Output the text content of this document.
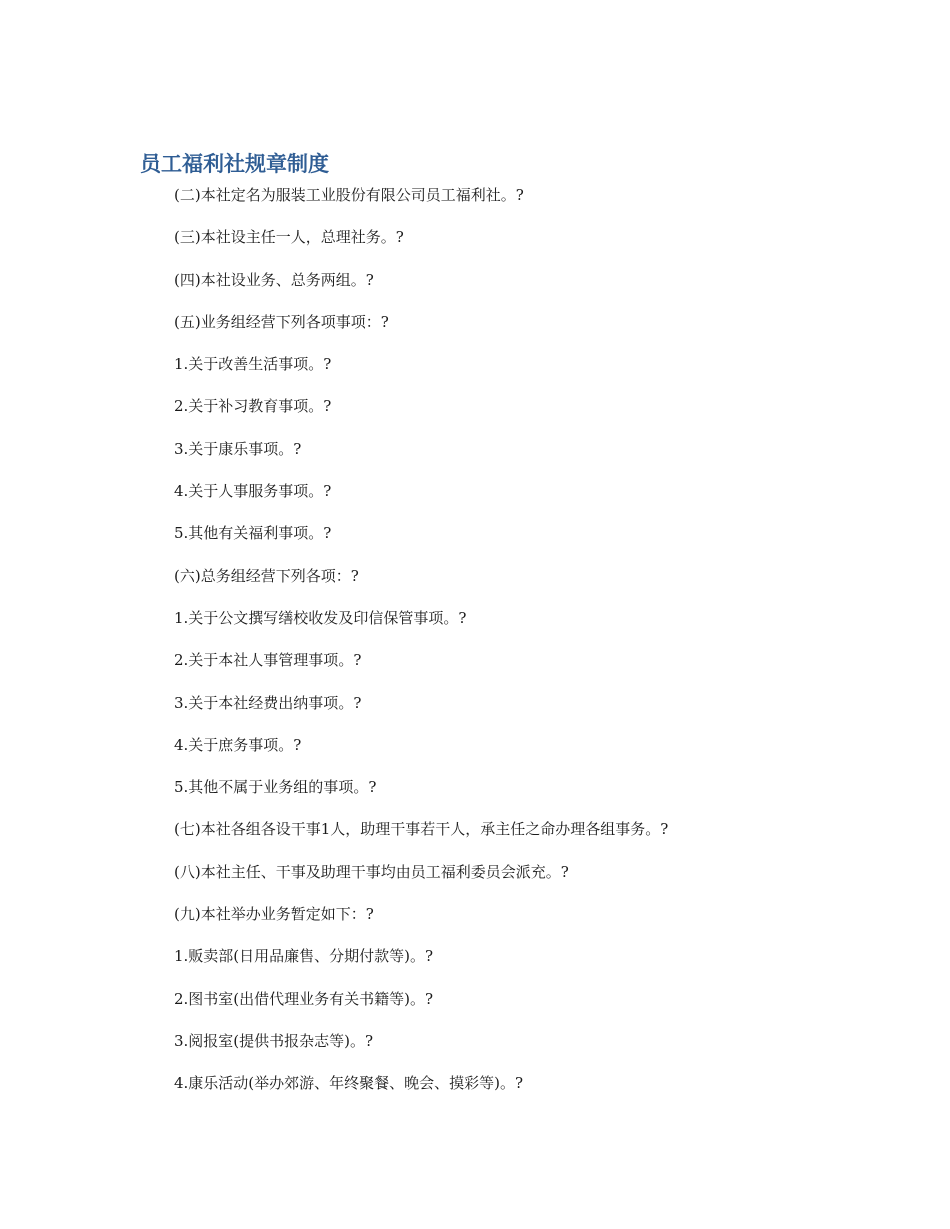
员工福利社规章制度
(二)本社定名为服装工业股份有限公司员工福利社。?
(三)本社设主任一人，总理社务。?
(四)本社设业务、总务两组。?
(五)业务组经营下列各项事项：?
1.关于改善生活事项。?
2.关于补习教育事项。?
3.关于康乐事项。?
4.关于人事服务事项。?
5.其他有关福利事项。?
(六)总务组经营下列各项：?
1.关于公文撰写缮校收发及印信保管事项。?
2.关于本社人事管理事项。?
3.关于本社经费出纳事项。?
4.关于庶务事项。?
5.其他不属于业务组的事项。?
(七)本社各组各设干事1人，助理干事若干人，承主任之命办理各组事务。?
(八)本社主任、干事及助理干事均由员工福利委员会派充。?
(九)本社举办业务暂定如下：?
1.贩卖部(日用品廉售、分期付款等)。?
2.图书室(出借代理业务有关书籍等)。?
3.阅报室(提供书报杂志等)。?
4.康乐活动(举办郊游、年终聚餐、晚会、摸彩等)。?
